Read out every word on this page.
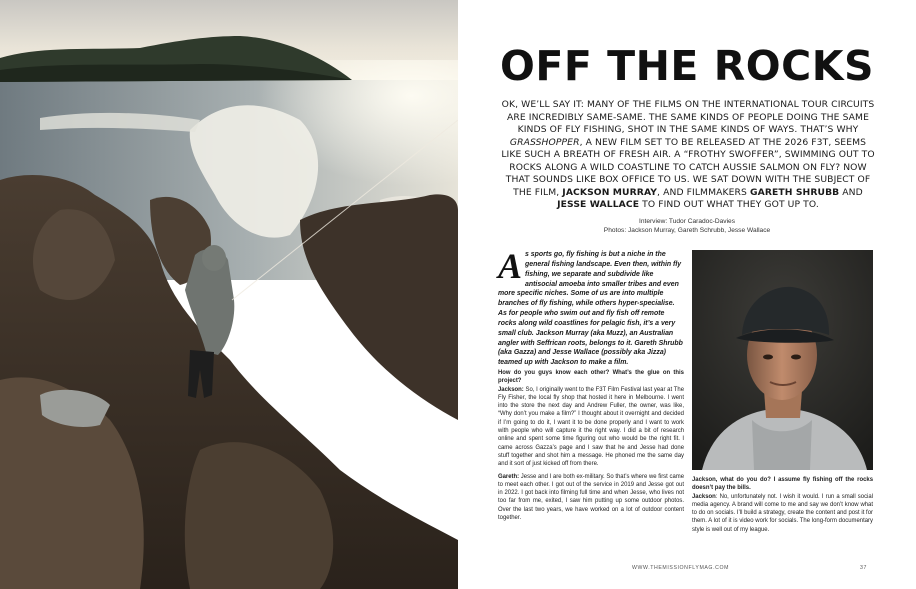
OFF THE ROCKS

OK, WE’LL SAY IT: MANY OF THE FILMS ON THE INTERNATIONAL TOUR CIRCUITS ARE INCREDIBLY SAME-SAME. THE SAME KINDS OF PEOPLE DOING THE SAME KINDS OF FLY FISHING, SHOT IN THE SAME KINDS OF WAYS. THAT’S WHY GRASSHOPPER, A NEW FILM SET TO BE RELEASED AT THE 2026 F3T, SEEMS LIKE SUCH A BREATH OF FRESH AIR. A “FROTHY SWOFFER”, SWIMMING OUT TO ROCKS ALONG A WILD COASTLINE TO CATCH AUSSIE SALMON ON FLY? NOW THAT SOUNDS LIKE BOX OFFICE TO US. WE SAT DOWN WITH THE SUBJECT OF THE FILM, JACKSON MURRAY, AND FILMMAKERS GARETH SHRUBB AND JESSE WALLACE TO FIND OUT WHAT THEY GOT UP TO.

Interview: Tudor Caradoc-Davies
Photos: Jackson Murray, Gareth Schrubb, Jesse Wallace

As sports go, fly fishing is but a niche in the general fishing landscape. Even then, within fly fishing, we separate and subdivide like antisocial amoeba into smaller tribes and even more specific niches. Some of us are into multiple branches of fly fishing, while others hyper-specialise. As for people who swim out and fly fish off remote rocks along wild coastlines for pelagic fish, it’s a very small club. Jackson Murray (aka Muzz), an Australian angler with Seffrican roots, belongs to it. Gareth Shrubb (aka Gazza) and Jesse Wallace (possibly aka Jizza) teamed up with Jackson to make a film.

How do you guys know each other? What’s the glue on this project?
Jackson: So, I originally went to the F3T Film Festival last year at The Fly Fisher, the local fly shop that hosted it here in Melbourne. I went into the store the next day and Andrew Fuller, the owner, was like, “Why don’t you make a film?” I thought about it overnight and decided if I’m going to do it, I want it to be done properly and I want to work with people who will capture it the right way. I did a bit of research online and spent some time figuring out who would be the right fit. I came across Gazza’s page and I saw that he and Jesse had done stuff together and shot him a message. He phoned me the same day and it sort of just kicked off from there.

Gareth: Jesse and I are both ex-military. So that’s where we first came to meet each other. I got out of the service in 2019 and Jesse got out in 2022. I got back into filming full time and when Jesse, who lives not too far from me, exited, I saw him putting up some outdoor photos. Over the last two years, we have worked on a lot of outdoor content together.

Jackson, what do you do? I assume fly fishing off the rocks doesn’t pay the bills.
Jackson: No, unfortunately not. I wish it would. I run a small social media agency. A brand will come to me and say we don’t know what to do on socials. I’ll build a strategy, create the content and post it for them. A lot of it is video work for socials. The long-form documentary style is well out of my league.

WWW.THEMISSIONFLYMAG.COM	37
